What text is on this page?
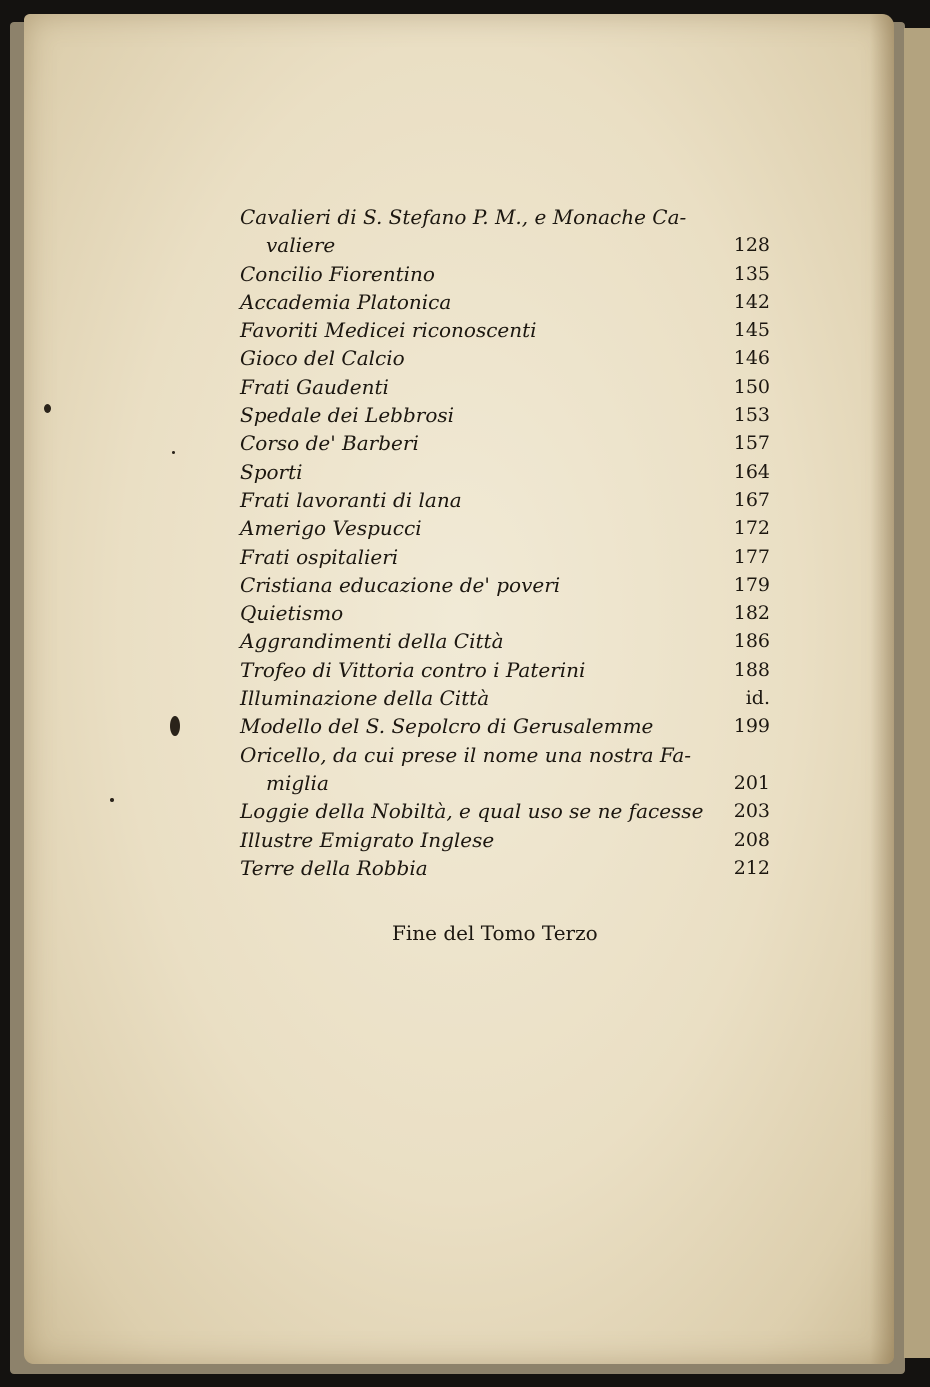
Cavalieri di S. Stefano P. M., e Monache Ca-
valiere	128
Concilio Fiorentino	135
Accademia Platonica	142
Favoriti Medicei riconoscenti	145
Gioco del Calcio	146
Frati Gaudenti	150
Spedale dei Lebbrosi	153
Corso de' Barberi	157
Sporti	164
Frati lavoranti di lana	167
Amerigo Vespucci	172
Frati ospitalieri	177
Cristiana educazione de' poveri	179
Quietismo	182
Aggrandimenti della Città	186
Trofeo di Vittoria contro i Paterini	188
Illuminazione della Città	id.
Modello del S. Sepolcro di Gerusalemme	199
Oricello, da cui prese il nome una nostra Fa-
miglia	201
Loggie della Nobiltà, e qual uso se ne facesse 203
Illustre Emigrato Inglese	208
Terre della Robbia	212
Fine del Tomo Terzo
